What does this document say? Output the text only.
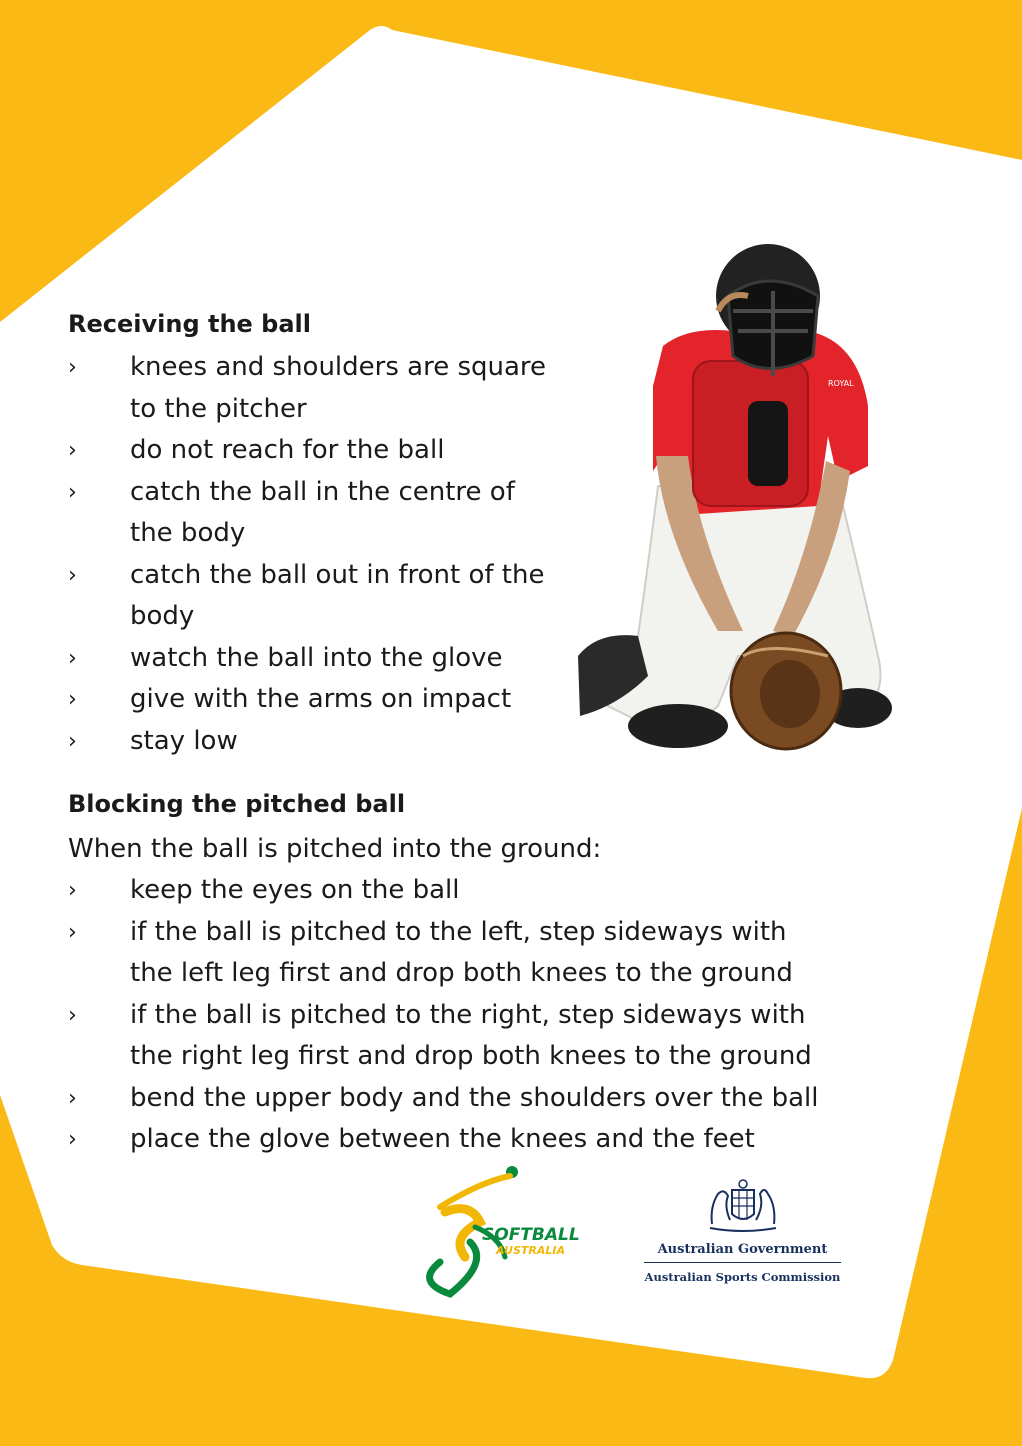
Receiving the ball
›	knees and shoulders are square
to the pitcher
›	do not reach for the ball
›	catch the ball in the centre of
the body
›	catch the ball out in front of the
body
›	watch the ball into the glove
›	give with the arms on impact
›	stay low
ROYAL
Blocking the pitched ball

When the ball is pitched into the ground:

›	keep the eyes on the ball
›	if the ball is pitched to the left, step sideways with
the left leg first and drop both knees to the ground
›	if the ball is pitched to the right, step sideways with
the right leg first and drop both knees to the ground
›	bend the upper body and the shoulders over the ball
›	place the glove between the knees and the feet
SOFTBALL
AUSTRALIA	Australian Government
Australian Sports Commission
